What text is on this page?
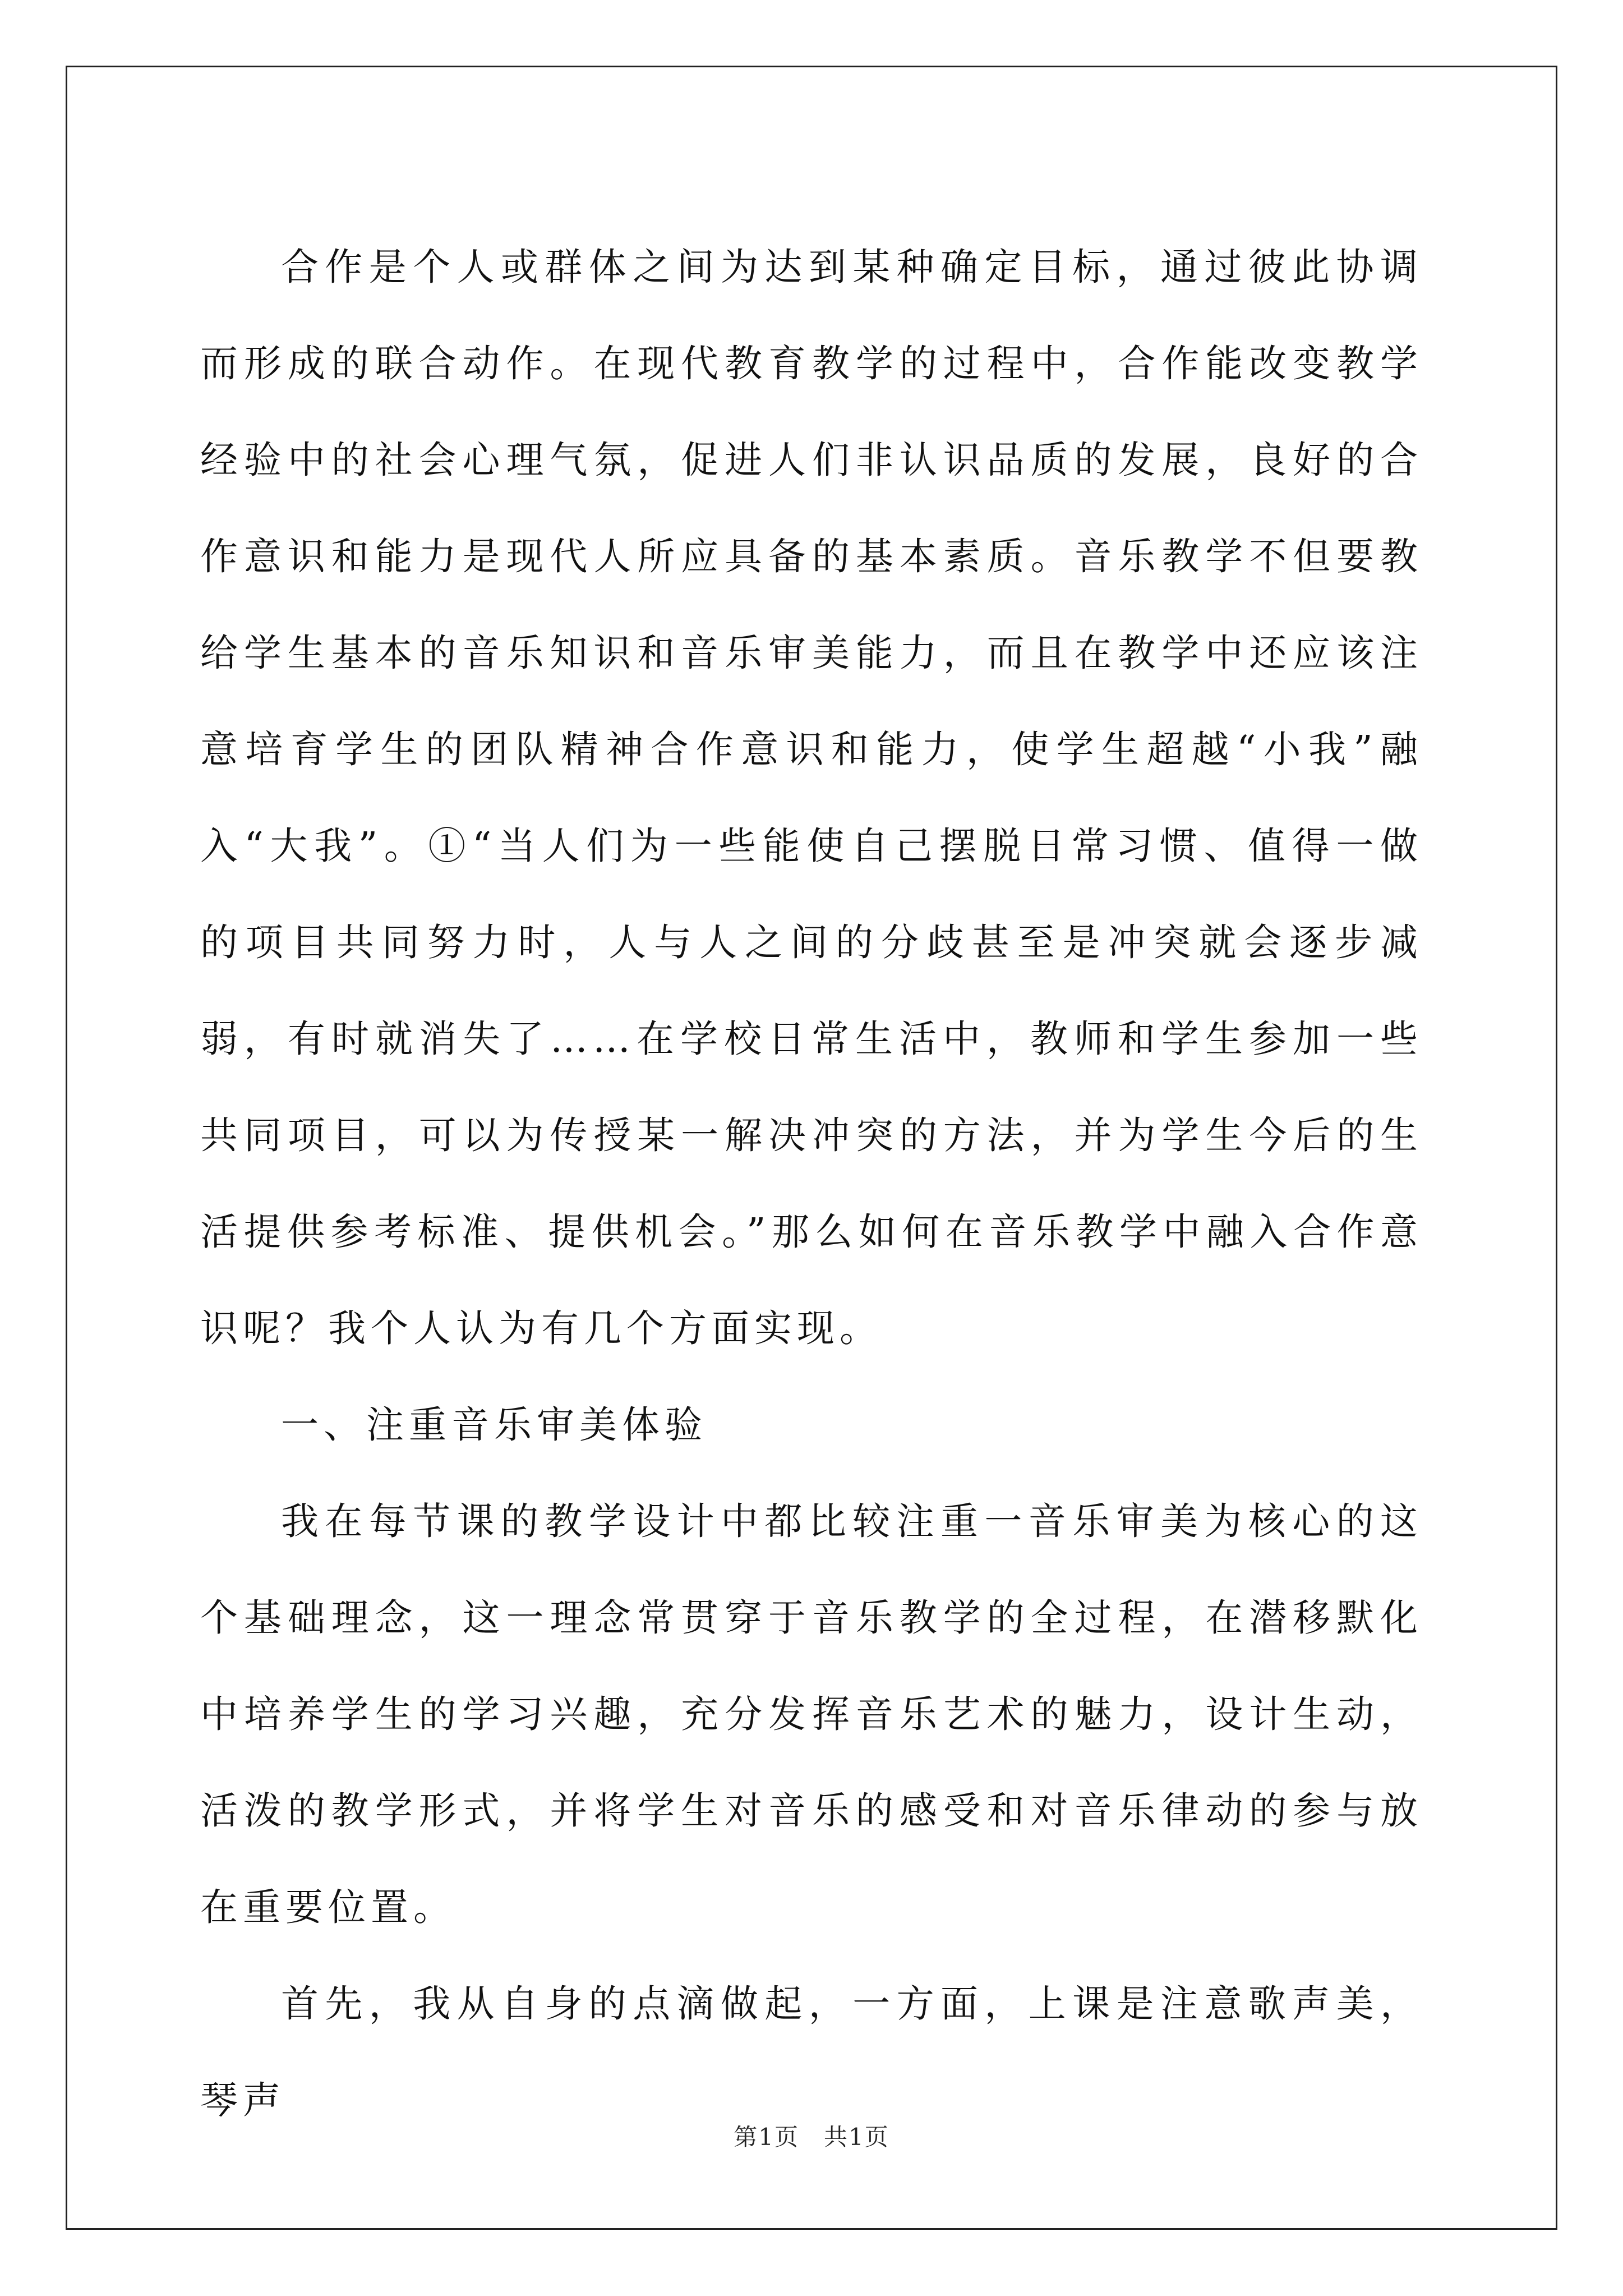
合作是个人或群体之间为达到某种确定目标，通过彼此协调而形成的联合动作。在现代教育教学的过程中，合作能改变教学经验中的社会心理气氛，促进人们非认识品质的发展，良好的合作意识和能力是现代人所应具备的基本素质。音乐教学不但要教给学生基本的音乐知识和音乐审美能力，而且在教学中还应该注意培育学生的团队精神合作意识和能力，使学生超越“小我”融入“大我”。①“当人们为一些能使自己摆脱日常习惯、值得一做的项目共同努力时，人与人之间的分歧甚至是冲突就会逐步减弱，有时就消失了……在学校日常生活中，教师和学生参加一些共同项目，可以为传授某一解决冲突的方法，并为学生今后的生活提供参考标准、提供机会。”那么如何在音乐教学中融入合作意识呢？我个人认为有几个方面实现。

一、注重音乐审美体验

我在每节课的教学设计中都比较注重一音乐审美为核心的这个基础理念，这一理念常贯穿于音乐教学的全过程，在潜移默化中培养学生的学习兴趣，充分发挥音乐艺术的魅力，设计生动，活泼的教学形式，并将学生对音乐的感受和对音乐律动的参与放在重要位置。

首先，我从自身的点滴做起，一方面，上课是注意歌声美，琴声

第1页　共1页
